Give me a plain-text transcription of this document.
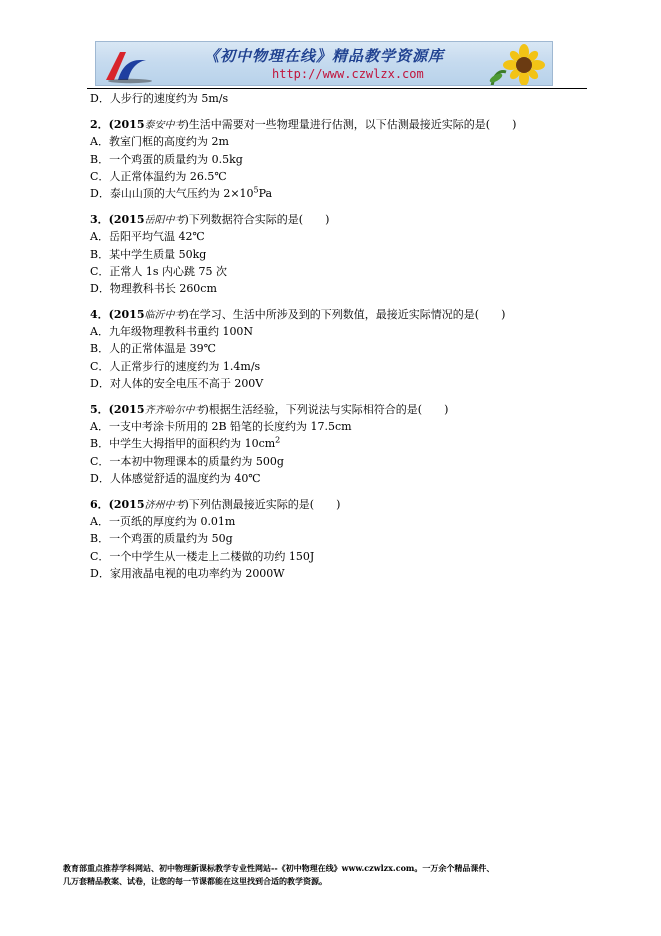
《初中物理在线》精品教学资源库
http://www.czwlzx.com
D．人步行的速度约为 5m/s
2．(2015泰安中考)生活中需要对一些物理量进行估测，以下估测最接近实际的是(　　)
A．教室门框的高度约为 2m
B．一个鸡蛋的质量约为 0.5kg
C．人正常体温约为 26.5℃
D．泰山山顶的大气压约为 $2\times 10^5Pa$
3．(2015岳阳中考)下列数据符合实际的是(　　)
A．岳阳平均气温 42℃
B．某中学生质量 50kg
C．正常人 1s 内心跳 75 次
D．物理教科书长 260cm
4．(2015临沂中考)在学习、生活中所涉及到的下列数值，最接近实际情况的是(　　)
A．九年级物理教科书重约 100N
B．人的正常体温是 39℃
C．人正常步行的速度约为 1.4m/s
D．对人体的安全电压不高于 200V
5．(2015齐齐哈尔中考)根据生活经验，下列说法与实际相符合的是(　　)
A．一支中考涂卡所用的 2B 铅笔的长度约为 17.5cm
B．中学生大拇指甲的面积约为 $10cm^2$
C．一本初中物理课本的质量约为 500g
D．人体感觉舒适的温度约为 40℃
6．(2015济州中考)下列估测最接近实际的是(　　)
A．一页纸的厚度约为 0.01m
B．一个鸡蛋的质量约为 50g
C．一个中学生从一楼走上二楼做的功约 150J
D．家用液晶电视的电功率约为 2000W
教育部重点推荐学科网站、初中物理新课标教学专业性网站--《初中物理在线》www.czwlzx.com。一万余个精品课件、
几万套精品教案、试卷，让您的每一节课都能在这里找到合适的教学资源。
